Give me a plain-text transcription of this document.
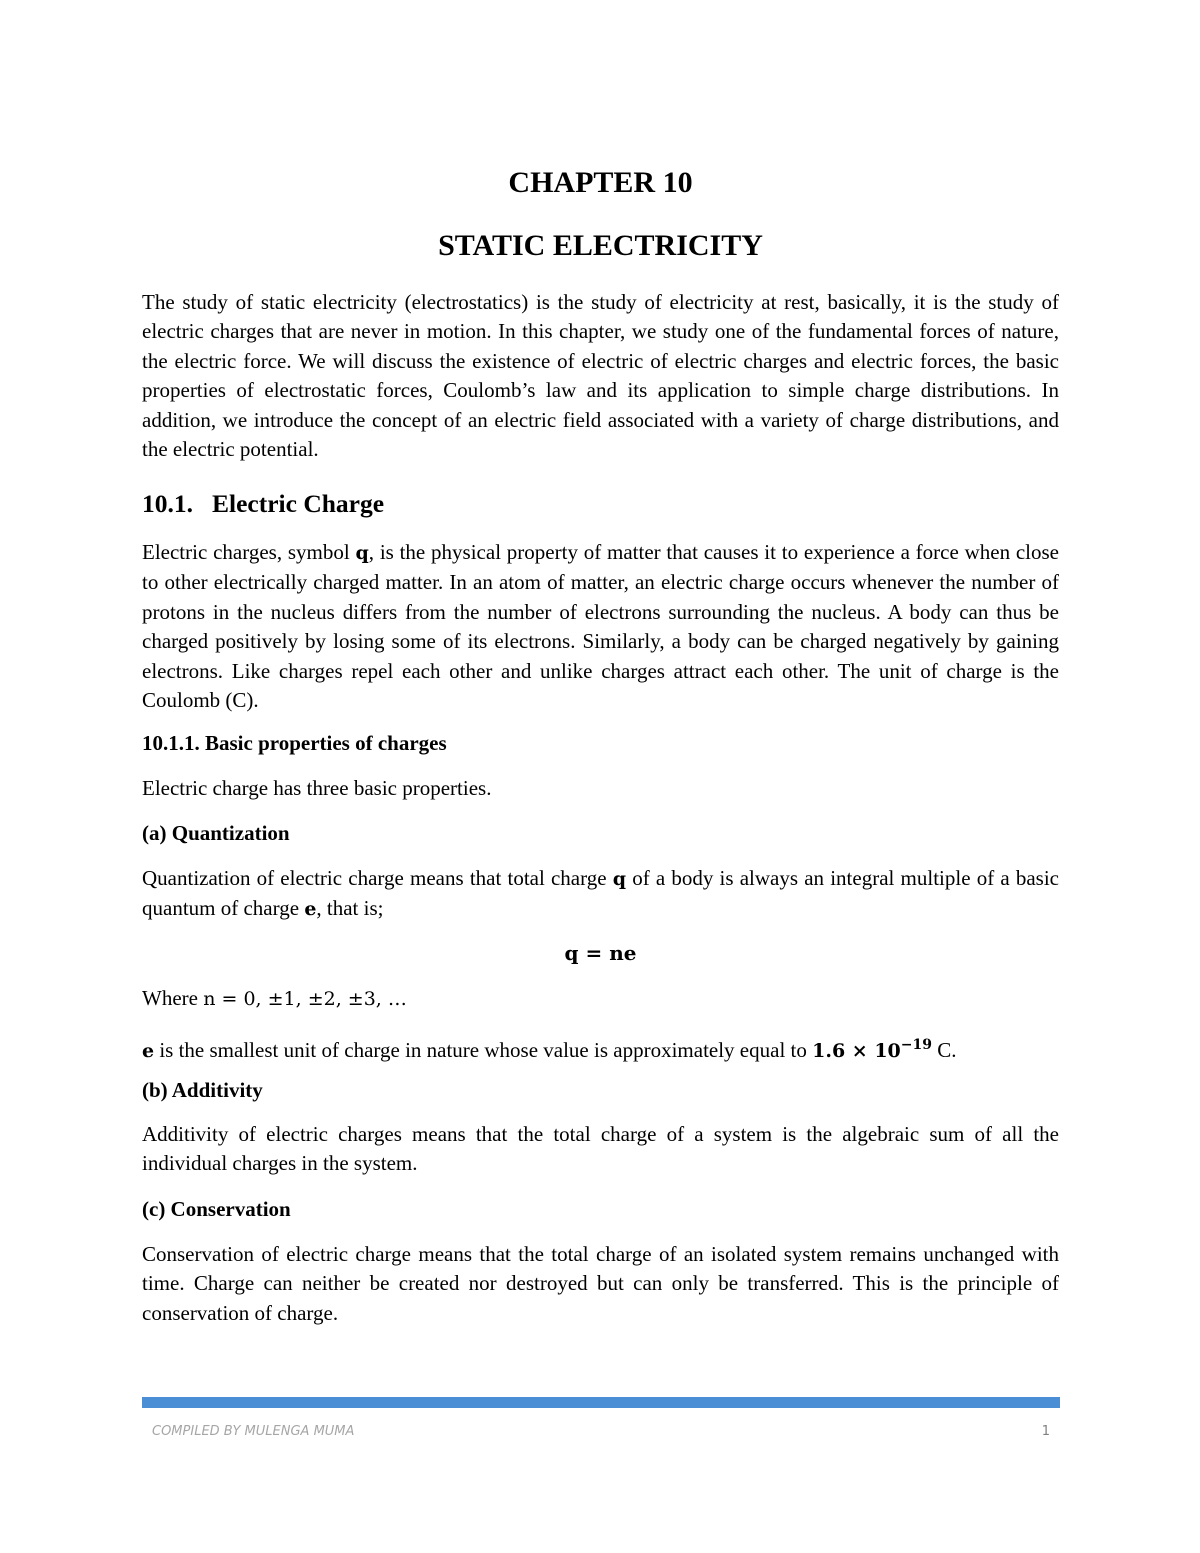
CHAPTER 10
STATIC ELECTRICITY

The study of static electricity (electrostatics) is the study of electricity at rest, basically, it is the study of electric charges that are never in motion. In this chapter, we study one of the fundamental forces of nature, the electric force. We will discuss the existence of electric of electric charges and electric forces, the basic properties of electrostatic forces, Coulomb’s law and its application to simple charge distributions. In addition, we introduce the concept of an electric field associated with a variety of charge distributions, and the electric potential.

10.1. Electric Charge

Electric charges, symbol q, is the physical property of matter that causes it to experience a force when close to other electrically charged matter. In an atom of matter, an electric charge occurs whenever the number of protons in the nucleus differs from the number of electrons surrounding the nucleus. A body can thus be charged positively by losing some of its electrons. Similarly, a body can be charged negatively by gaining electrons. Like charges repel each other and unlike charges attract each other. The unit of charge is the Coulomb (C).

10.1.1. Basic properties of charges

Electric charge has three basic properties.

(a) Quantization

Quantization of electric charge means that total charge q of a body is always an integral multiple of a basic quantum of charge e, that is;

q = ne

Where n = 0, ±1, ±2, ±3, …

e is the smallest unit of charge in nature whose value is approximately equal to $1.6 \times 10^{-19}$ C.

(b) Additivity

Additivity of electric charges means that the total charge of a system is the algebraic sum of all the individual charges in the system.

(c) Conservation

Conservation of electric charge means that the total charge of an isolated system remains unchanged with time. Charge can neither be created nor destroyed but can only be transferred. This is the principle of conservation of charge.

COMPILED BY MULENGA MUMA	1
